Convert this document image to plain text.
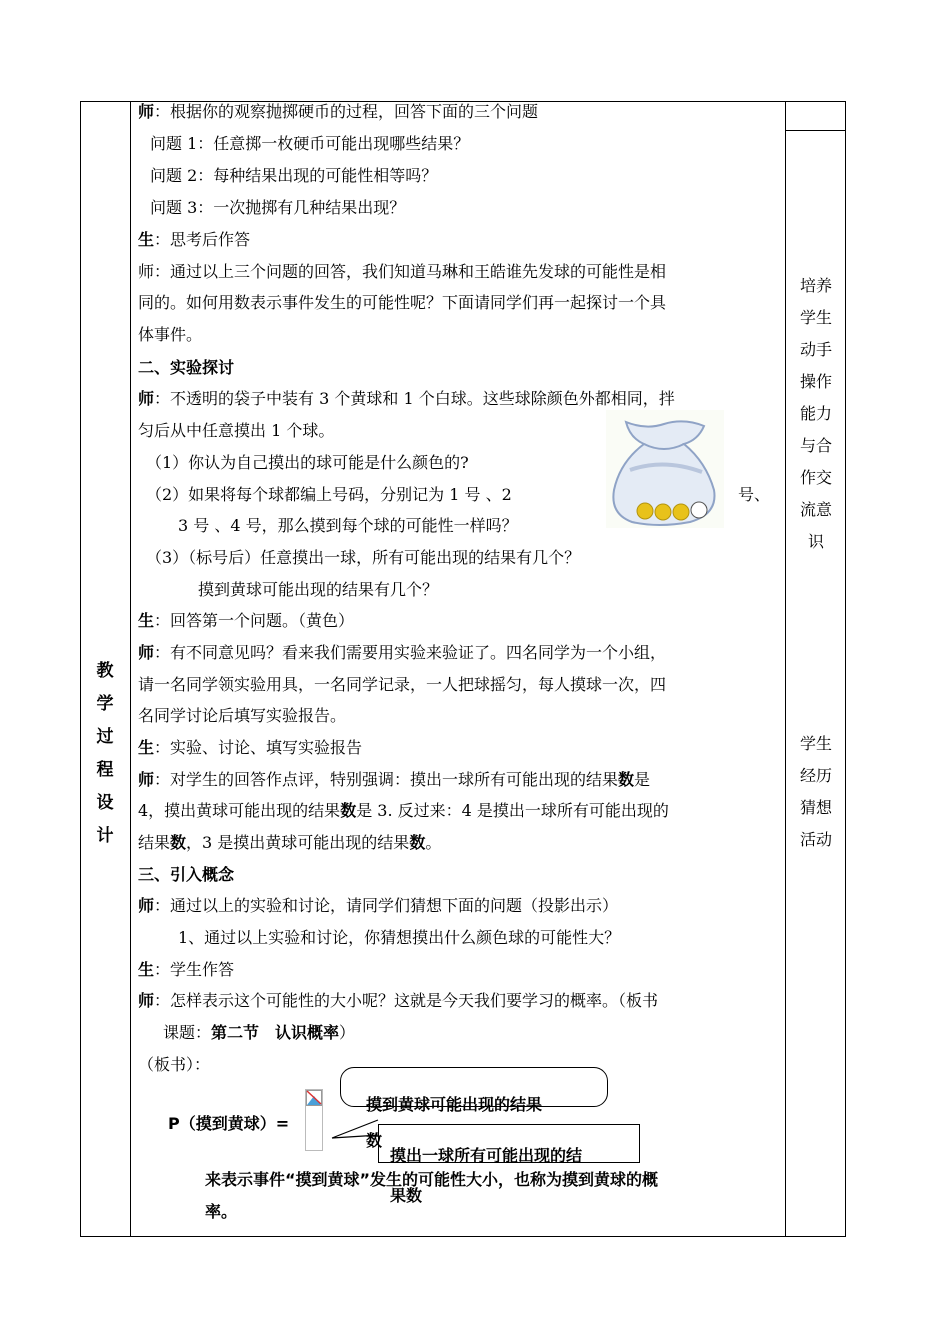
教
学
过
程
设
计
培养
学生
动手
操作
能力
与合
作交
流意
识
学生
经历
猜想
活动
师：根据你的观察抛掷硬币的过程，回答下面的三个问题
问题 1：任意掷一枚硬币可能出现哪些结果？
问题 2：每种结果出现的可能性相等吗？
问题 3：一次抛掷有几种结果出现？
生：思考后作答
师：通过以上三个问题的回答，我们知道马琳和王皓谁先发球的可能性是相
同的。如何用数表示事件发生的可能性呢？下面请同学们再一起探讨一个具
体事件。
二、实验探讨
师：不透明的袋子中装有 3 个黄球和 1 个白球。这些球除颜色外都相同，拌
匀后从中任意摸出 1 个球。
（1）你认为自己摸出的球可能是什么颜色的?
（2）如果将每个球都编上号码，分别记为 1 号 、2	号、
3 号 、4 号，那么摸到每个球的可能性一样吗？
（3）（标号后）任意摸出一球，所有可能出现的结果有几个？
摸到黄球可能出现的结果有几个？
生：回答第一个问题。（黄色）
师：有不同意见吗？看来我们需要用实验来验证了。四名同学为一个小组，
请一名同学领实验用具，一名同学记录，一人把球摇匀，每人摸球一次，四
名同学讨论后填写实验报告。
生：实验、讨论、填写实验报告
师：对学生的回答作点评，特别强调：摸出一球所有可能出现的结果数是
4，摸出黄球可能出现的结果数是 3. 反过来：4 是摸出一球所有可能出现的
结果数，3 是摸出黄球可能出现的结果数。
三、引入概念
师：通过以上的实验和讨论，请同学们猜想下面的问题（投影出示）
1、通过以上实验和讨论，你猜想摸出什么颜色球的可能性大？
生：学生作答
师：怎样表示这个可能性的大小呢？这就是今天我们要学习的概率。（板书
课题：第二节　认识概率）
（板书）：
P（摸到黄球）=
摸到黄球可能出现的结果
数
摸出一球所有可能出现的结
果数
来表示事件“摸到黄球”发生的可能性大小，也称为摸到黄球的概
率。
